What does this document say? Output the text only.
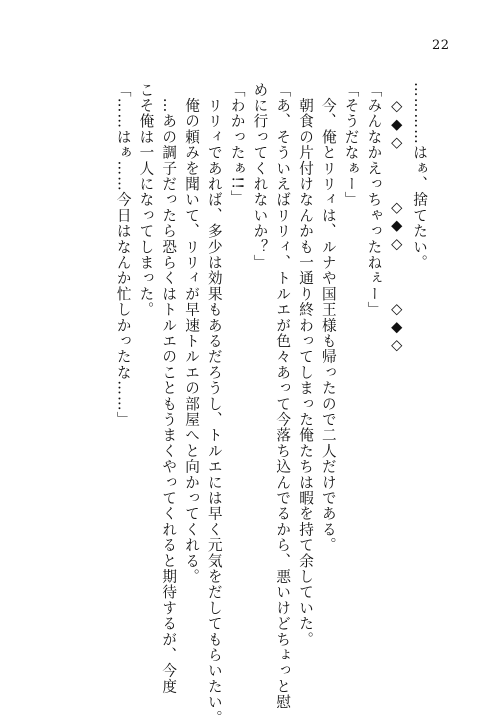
22
…………はぁ、捨てたい。
　◇◆◇　　　◇◆◇　　　◇◆◇
「みんなかえっちゃったねぇー」
「そうだなぁー」
　今、俺とリリィは、ルナや国王様も帰ったので二人だけである。
　朝食の片付けなんかも一通り終わってしまった俺たちは暇を持て余していた。
「あ、そういえばリリィ、トルエが色々あって今落ち込んでるから、悪いけどちょっと慰
めに行ってくれないか？」
「わかったぁ!!」
　リリィであれば、多少は効果もあるだろうし、トルエには早く元気をだしてもらいたい。
　俺の頼みを聞いて、リリィが早速トルエの部屋へと向かってくれる。
　…あの調子だったら恐らくはトルエのこともうまくやってくれると期待するが、今度
こそ俺は一人になってしまった。
「……はぁ……今日はなんか忙しかったな……」
